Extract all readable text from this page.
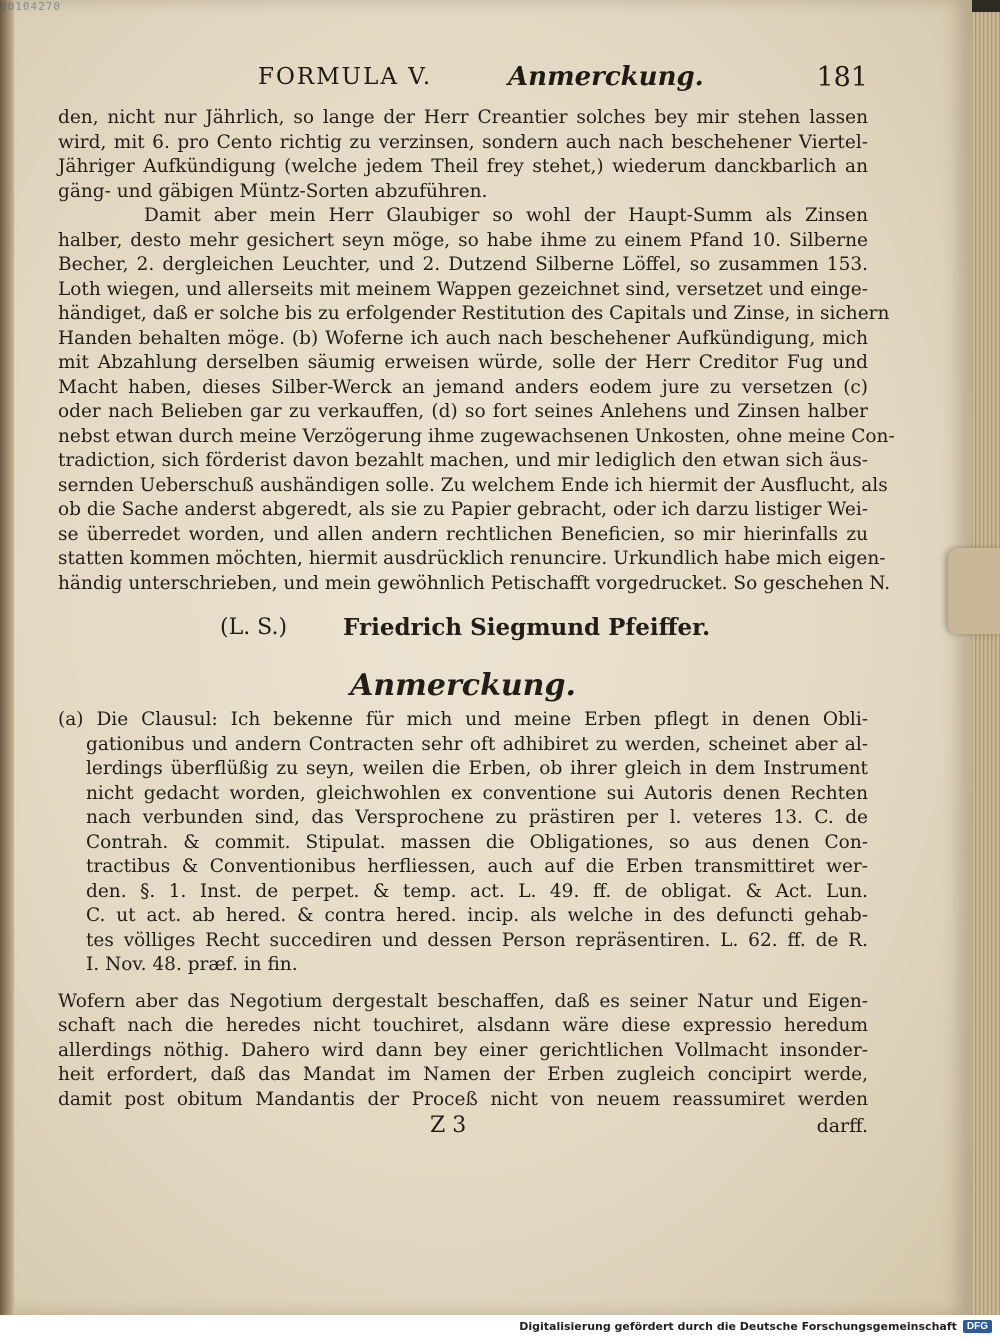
00104270
FORMULA V.	Anmerckung.	181
den, nicht nur Jährlich, so lange der Herr Creantier solches bey mir stehen lassen
wird, mit 6. pro Cento richtig zu verzinsen, sondern auch nach beschehener Viertel-
Jähriger Aufkündigung (welche jedem Theil frey stehet,) wiederum danckbarlich an
gäng- und gäbigen Müntz-Sorten abzuführen.
Damit aber mein Herr Glaubiger so wohl der Haupt-Summ als Zinsen
halber, desto mehr gesichert seyn möge, so habe ihme zu einem Pfand 10. Silberne
Becher, 2. dergleichen Leuchter, und 2. Dutzend Silberne Löffel, so zusammen 153.
Loth wiegen, und allerseits mit meinem Wappen gezeichnet sind, versetzet und einge-
händiget, daß er solche bis zu erfolgender Restitution des Capitals und Zinse, in sichern
Handen behalten möge. (b) Woferne ich auch nach beschehener Aufkündigung, mich
mit Abzahlung derselben säumig erweisen würde, solle der Herr Creditor Fug und
Macht haben, dieses Silber-Werck an jemand anders eodem jure zu versetzen (c)
oder nach Belieben gar zu verkauffen, (d) so fort seines Anlehens und Zinsen halber
nebst etwan durch meine Verzögerung ihme zugewachsenen Unkosten, ohne meine Con-
tradiction, sich förderist davon bezahlt machen, und mir lediglich den etwan sich äus-
sernden Ueberschuß aushändigen solle. Zu welchem Ende ich hiermit der Ausflucht, als
ob die Sache anderst abgeredt, als sie zu Papier gebracht, oder ich darzu listiger Wei-
se überredet worden, und allen andern rechtlichen Beneficien, so mir hierinfalls zu
statten kommen möchten, hiermit ausdrücklich renuncire. Urkundlich habe mich eigen-
händig unterschrieben, und mein gewöhnlich Petischafft vorgedrucket. So geschehen N.
(L. S.) Friedrich Siegmund Pfeiffer.
Anmerckung.
(a) Die Clausul: Ich bekenne für mich und meine Erben pflegt in denen Obli-
gationibus und andern Contracten sehr oft adhibiret zu werden, scheinet aber al-
lerdings überflüßig zu seyn, weilen die Erben, ob ihrer gleich in dem Instrument
nicht gedacht worden, gleichwohlen ex conventione sui Autoris denen Rechten
nach verbunden sind, das Versprochene zu prästiren per l. veteres 13. C. de
Contrah. & commit. Stipulat. massen die Obligationes, so aus denen Con-
tractibus & Conventionibus herfliessen, auch auf die Erben transmittiret wer-
den. §. 1. Inst. de perpet. & temp. act. L. 49. ff. de obligat. & Act. Lun.
C. ut act. ab hered. & contra hered. incip. als welche in des defuncti gehab-
tes völliges Recht succediren und dessen Person repräsentiren. L. 62. ff. de R.
I. Nov. 48. præf. in fin.
Wofern aber das Negotium dergestalt beschaffen, daß es seiner Natur und Eigen-
schaft nach die heredes nicht touchiret, alsdann wäre diese expressio heredum
allerdings nöthig. Dahero wird dann bey einer gerichtlichen Vollmacht insonder-
heit erfordert, daß das Mandat im Namen der Erben zugleich concipirt werde,
damit post obitum Mandantis der Proceß nicht von neuem reassumiret werden
Z 3	darff.
Digitalisierung gefördert durch die Deutsche Forschungsgemeinschaft	DFG
